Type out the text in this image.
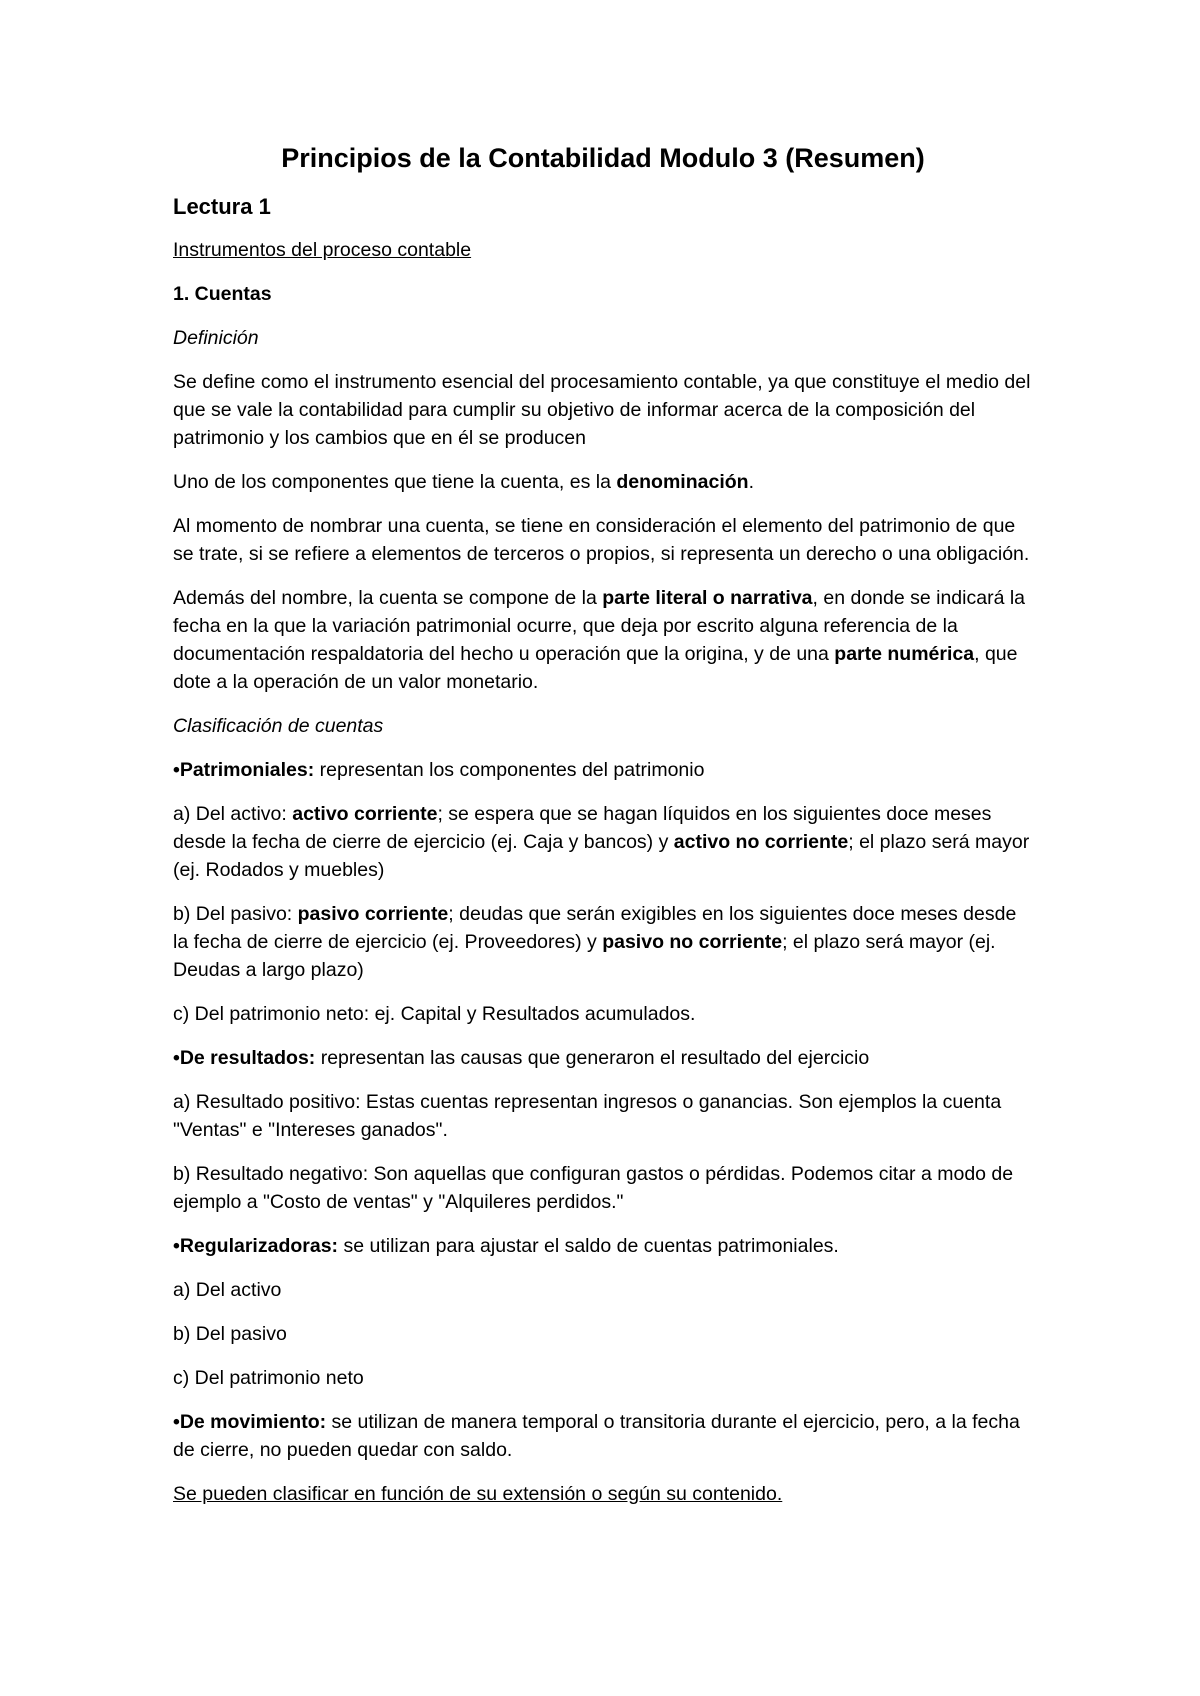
Principios de la Contabilidad Modulo 3 (Resumen)
Lectura 1

Instrumentos del proceso contable

1. Cuentas

Definición

Se define como el instrumento esencial del procesamiento contable, ya que constituye el medio del que se vale la contabilidad para cumplir su objetivo de informar acerca de la composición del patrimonio y los cambios que en él se producen

Uno de los componentes que tiene la cuenta, es la denominación.

Al momento de nombrar una cuenta, se tiene en consideración el elemento del patrimonio de que se trate, si se refiere a elementos de terceros o propios, si representa un derecho o una obligación.

Además del nombre, la cuenta se compone de la parte literal o narrativa, en donde se indicará la fecha en la que la variación patrimonial ocurre, que deja por escrito alguna referencia de la documentación respaldatoria del hecho u operación que la origina, y de una parte numérica, que dote a la operación de un valor monetario.

Clasificación de cuentas

•Patrimoniales: representan los componentes del patrimonio

a) Del activo: activo corriente; se espera que se hagan líquidos en los siguientes doce meses desde la fecha de cierre de ejercicio (ej. Caja y bancos) y activo no corriente; el plazo será mayor (ej. Rodados y muebles)

b) Del pasivo: pasivo corriente; deudas que serán exigibles en los siguientes doce meses desde la fecha de cierre de ejercicio (ej. Proveedores) y pasivo no corriente; el plazo será mayor (ej. Deudas a largo plazo)

c) Del patrimonio neto: ej. Capital y Resultados acumulados.

•De resultados: representan las causas que generaron el resultado del ejercicio

a) Resultado positivo: Estas cuentas representan ingresos o ganancias. Son ejemplos la cuenta "Ventas" e "Intereses ganados".

b) Resultado negativo: Son aquellas que configuran gastos o pérdidas. Podemos citar a modo de ejemplo a "Costo de ventas" y "Alquileres perdidos."

•Regularizadoras: se utilizan para ajustar el saldo de cuentas patrimoniales.

a) Del activo

b) Del pasivo

c) Del patrimonio neto

•De movimiento: se utilizan de manera temporal o transitoria durante el ejercicio, pero, a la fecha de cierre, no pueden quedar con saldo.

Se pueden clasificar en función de su extensión o según su contenido.
